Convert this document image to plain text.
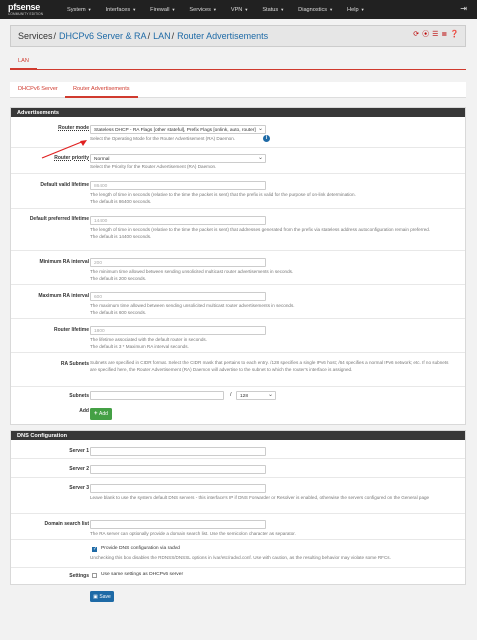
pfsense
COMMUNITY EDITION
System ▼	Interfaces ▼	Firewall ▼	Services ▼	VPN ▼	Status ▼	Diagnostics ▼	Help ▼	⇥
Services / DHCPv6 Server & RA / LAN / Router Advertisements	⟳ ⦿ ☰ ≣ ❓
LAN
DHCPv6 Server	Router Advertisements
Advertisements
Router mode	Stateless DHCP - RA Flags [other stateful], Prefix Flags [onlink, auto, router] ⌄
i
Select the Operating Mode for the Router Advertisement (RA) Daemon.
Router priority	Normal ⌄
Select the Priority for the Router Advertisement (RA) Daemon.
Default valid lifetime	86400
The length of time in seconds (relative to the time the packet is sent) that the prefix is valid for the purpose of on-link determination.
The default is 86400 seconds.
Default preferred lifetime	14400
The length of time in seconds (relative to the time the packet is sent) that addresses generated from the prefix via stateless address autoconfiguration remain preferred.
The default is 14400 seconds.
Minimum RA interval	200
The minimum time allowed between sending unsolicited multicast router advertisements in seconds.
The default is 200 seconds.
Maximum RA interval	600
The maximum time allowed between sending unsolicited multicast router advertisements in seconds.
The default is 600 seconds.
Router lifetime	1800
The lifetime associated with the default router in seconds.
The default is 3 * Maximum RA interval seconds.
RA Subnets Subnets are specified in CIDR format. Select the CIDR mask that pertains to each entry. /128 specifies a single IPv6 host; /64 specifies a normal IPv6 network; etc. If no subnets are specified here, the Router Advertisement (RA) Daemon will advertise to the subnet to which the router's interface is assigned.
Subnets	/	128 ⌄
Add + Add
DNS Configuration
Server 1
Server 2
Server 3
Leave blank to use the system default DNS servers - this interface's IP if DNS Forwarder or Resolver is enabled, otherwise the servers configured on the General page
Domain search list
The RA server can optionally provide a domain search list. Use the semicolon character as separator.
✓
Provide DNS configuration via radvd
Unchecking this box disables the RDNSS/DNSSL options in /var/etc/radvd.conf. Use with caution, as the resulting behavior may violate some RFCs.
Settings Use same settings as DHCPv6 server
▣ Save
